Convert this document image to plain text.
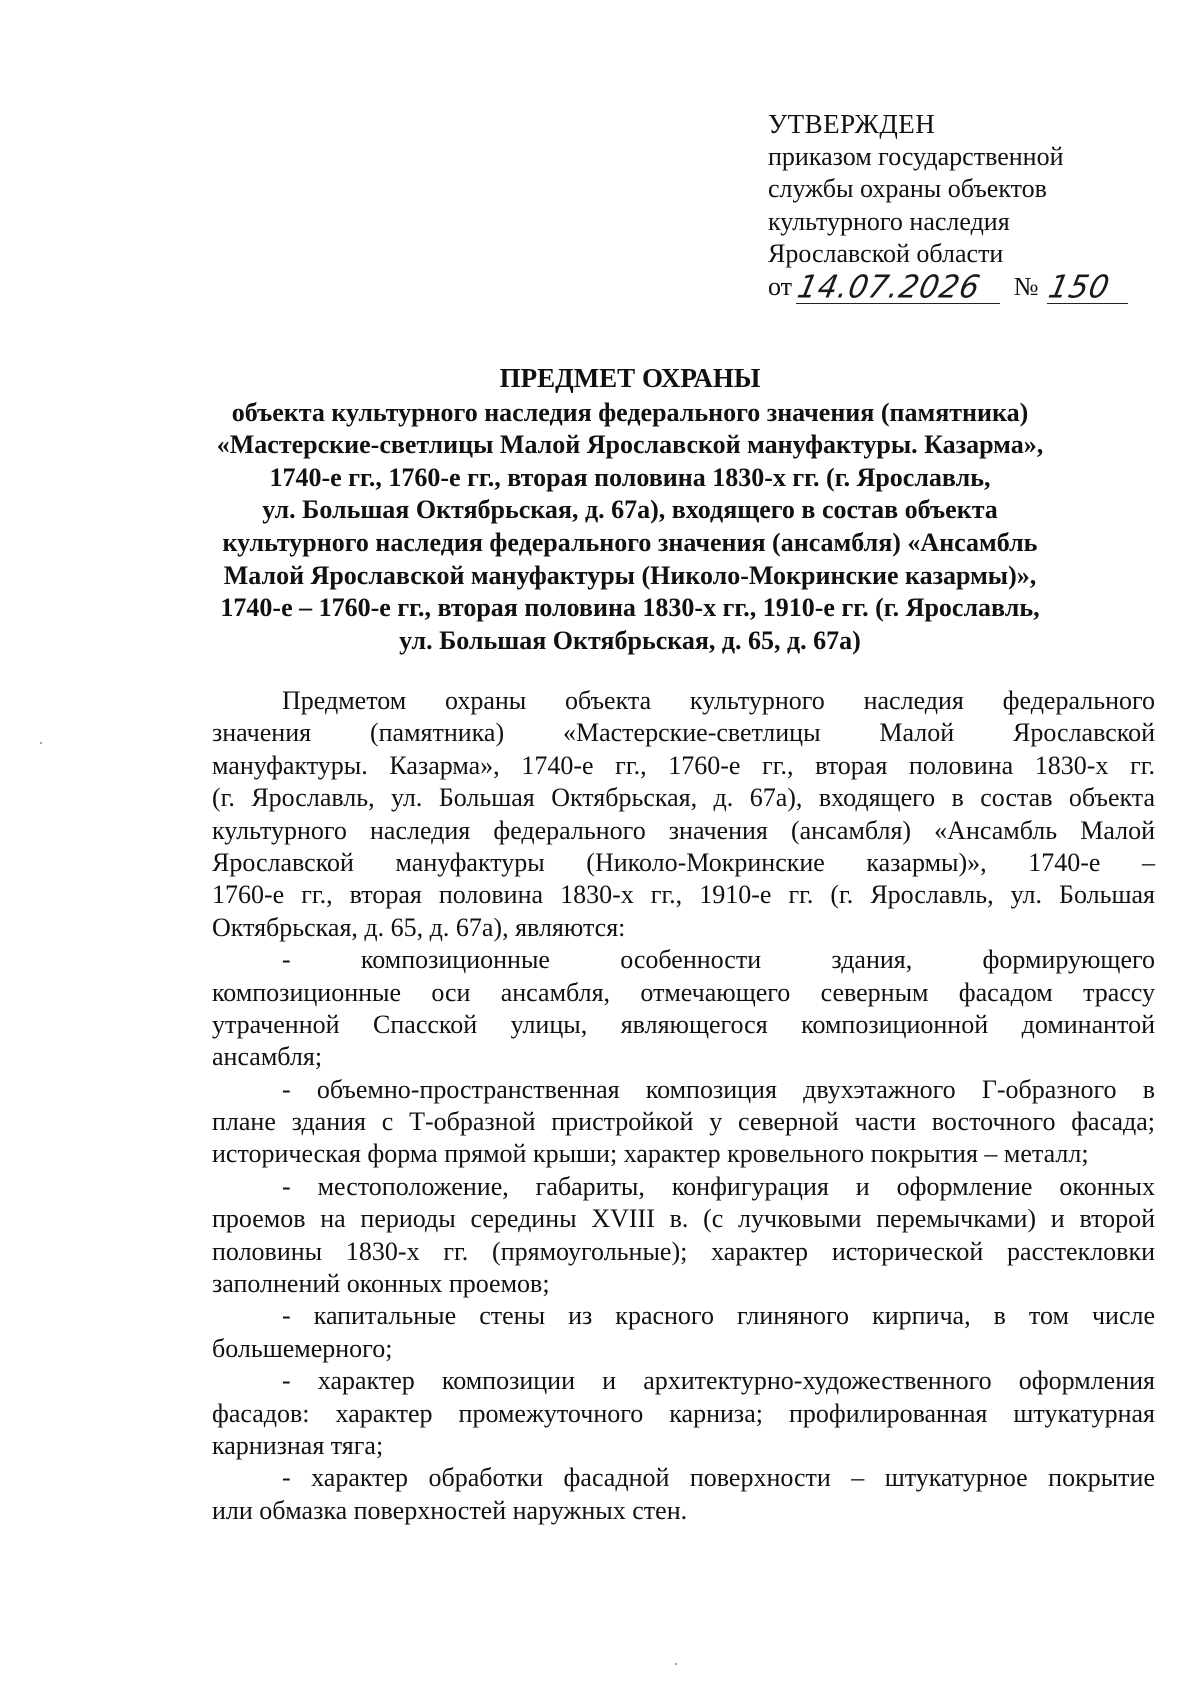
УТВЕРЖДЕН
приказом государственной
службы охраны объектов
культурного наследия
Ярославской области
от 14.07.2026 № 150
ПРЕДМЕТ ОХРАНЫ
объекта культурного наследия федерального значения (памятника)
«Мастерские-светлицы Малой Ярославской мануфактуры. Казарма»,
1740-е гг., 1760-е гг., вторая половина 1830-х гг. (г. Ярославль,
ул. Большая Октябрьская, д. 67а), входящего в состав объекта
культурного наследия федерального значения (ансамбля) «Ансамбль
Малой Ярославской мануфактуры (Николо-Мокринские казармы)»,
1740-е – 1760-е гг., вторая половина 1830-х гг., 1910-е гг. (г. Ярославль,
ул. Большая Октябрьская, д. 65, д. 67а)
Предметом охраны объекта культурного наследия федерального
значения (памятника) «Мастерские-светлицы Малой Ярославской
мануфактуры. Казарма», 1740-е гг., 1760-е гг., вторая половина 1830-х гг.
(г. Ярославль, ул. Большая Октябрьская, д. 67а), входящего в состав объекта
культурного наследия федерального значения (ансамбля) «Ансамбль Малой
Ярославской мануфактуры (Николо-Мокринские казармы)», 1740-е –
1760-е гг., вторая половина 1830-х гг., 1910-е гг. (г. Ярославль, ул. Большая
Октябрьская, д. 65, д. 67а), являются:
- композиционные особенности здания, формирующего
композиционные оси ансамбля, отмечающего северным фасадом трассу
утраченной Спасской улицы, являющегося композиционной доминантой
ансамбля;
- объемно-пространственная композиция двухэтажного Г-образного в
плане здания с Т-образной пристройкой у северной части восточного фасада;
историческая форма прямой крыши; характер кровельного покрытия – металл;
- местоположение, габариты, конфигурация и оформление оконных
проемов на периоды середины XVIII в. (с лучковыми перемычками) и второй
половины 1830-х гг. (прямоугольные); характер исторической расстекловки
заполнений оконных проемов;
- капитальные стены из красного глиняного кирпича, в том числе
большемерного;
- характер композиции и архитектурно-художественного оформления
фасадов: характер промежуточного карниза; профилированная штукатурная
карнизная тяга;
- характер обработки фасадной поверхности – штукатурное покрытие
или обмазка поверхностей наружных стен.
